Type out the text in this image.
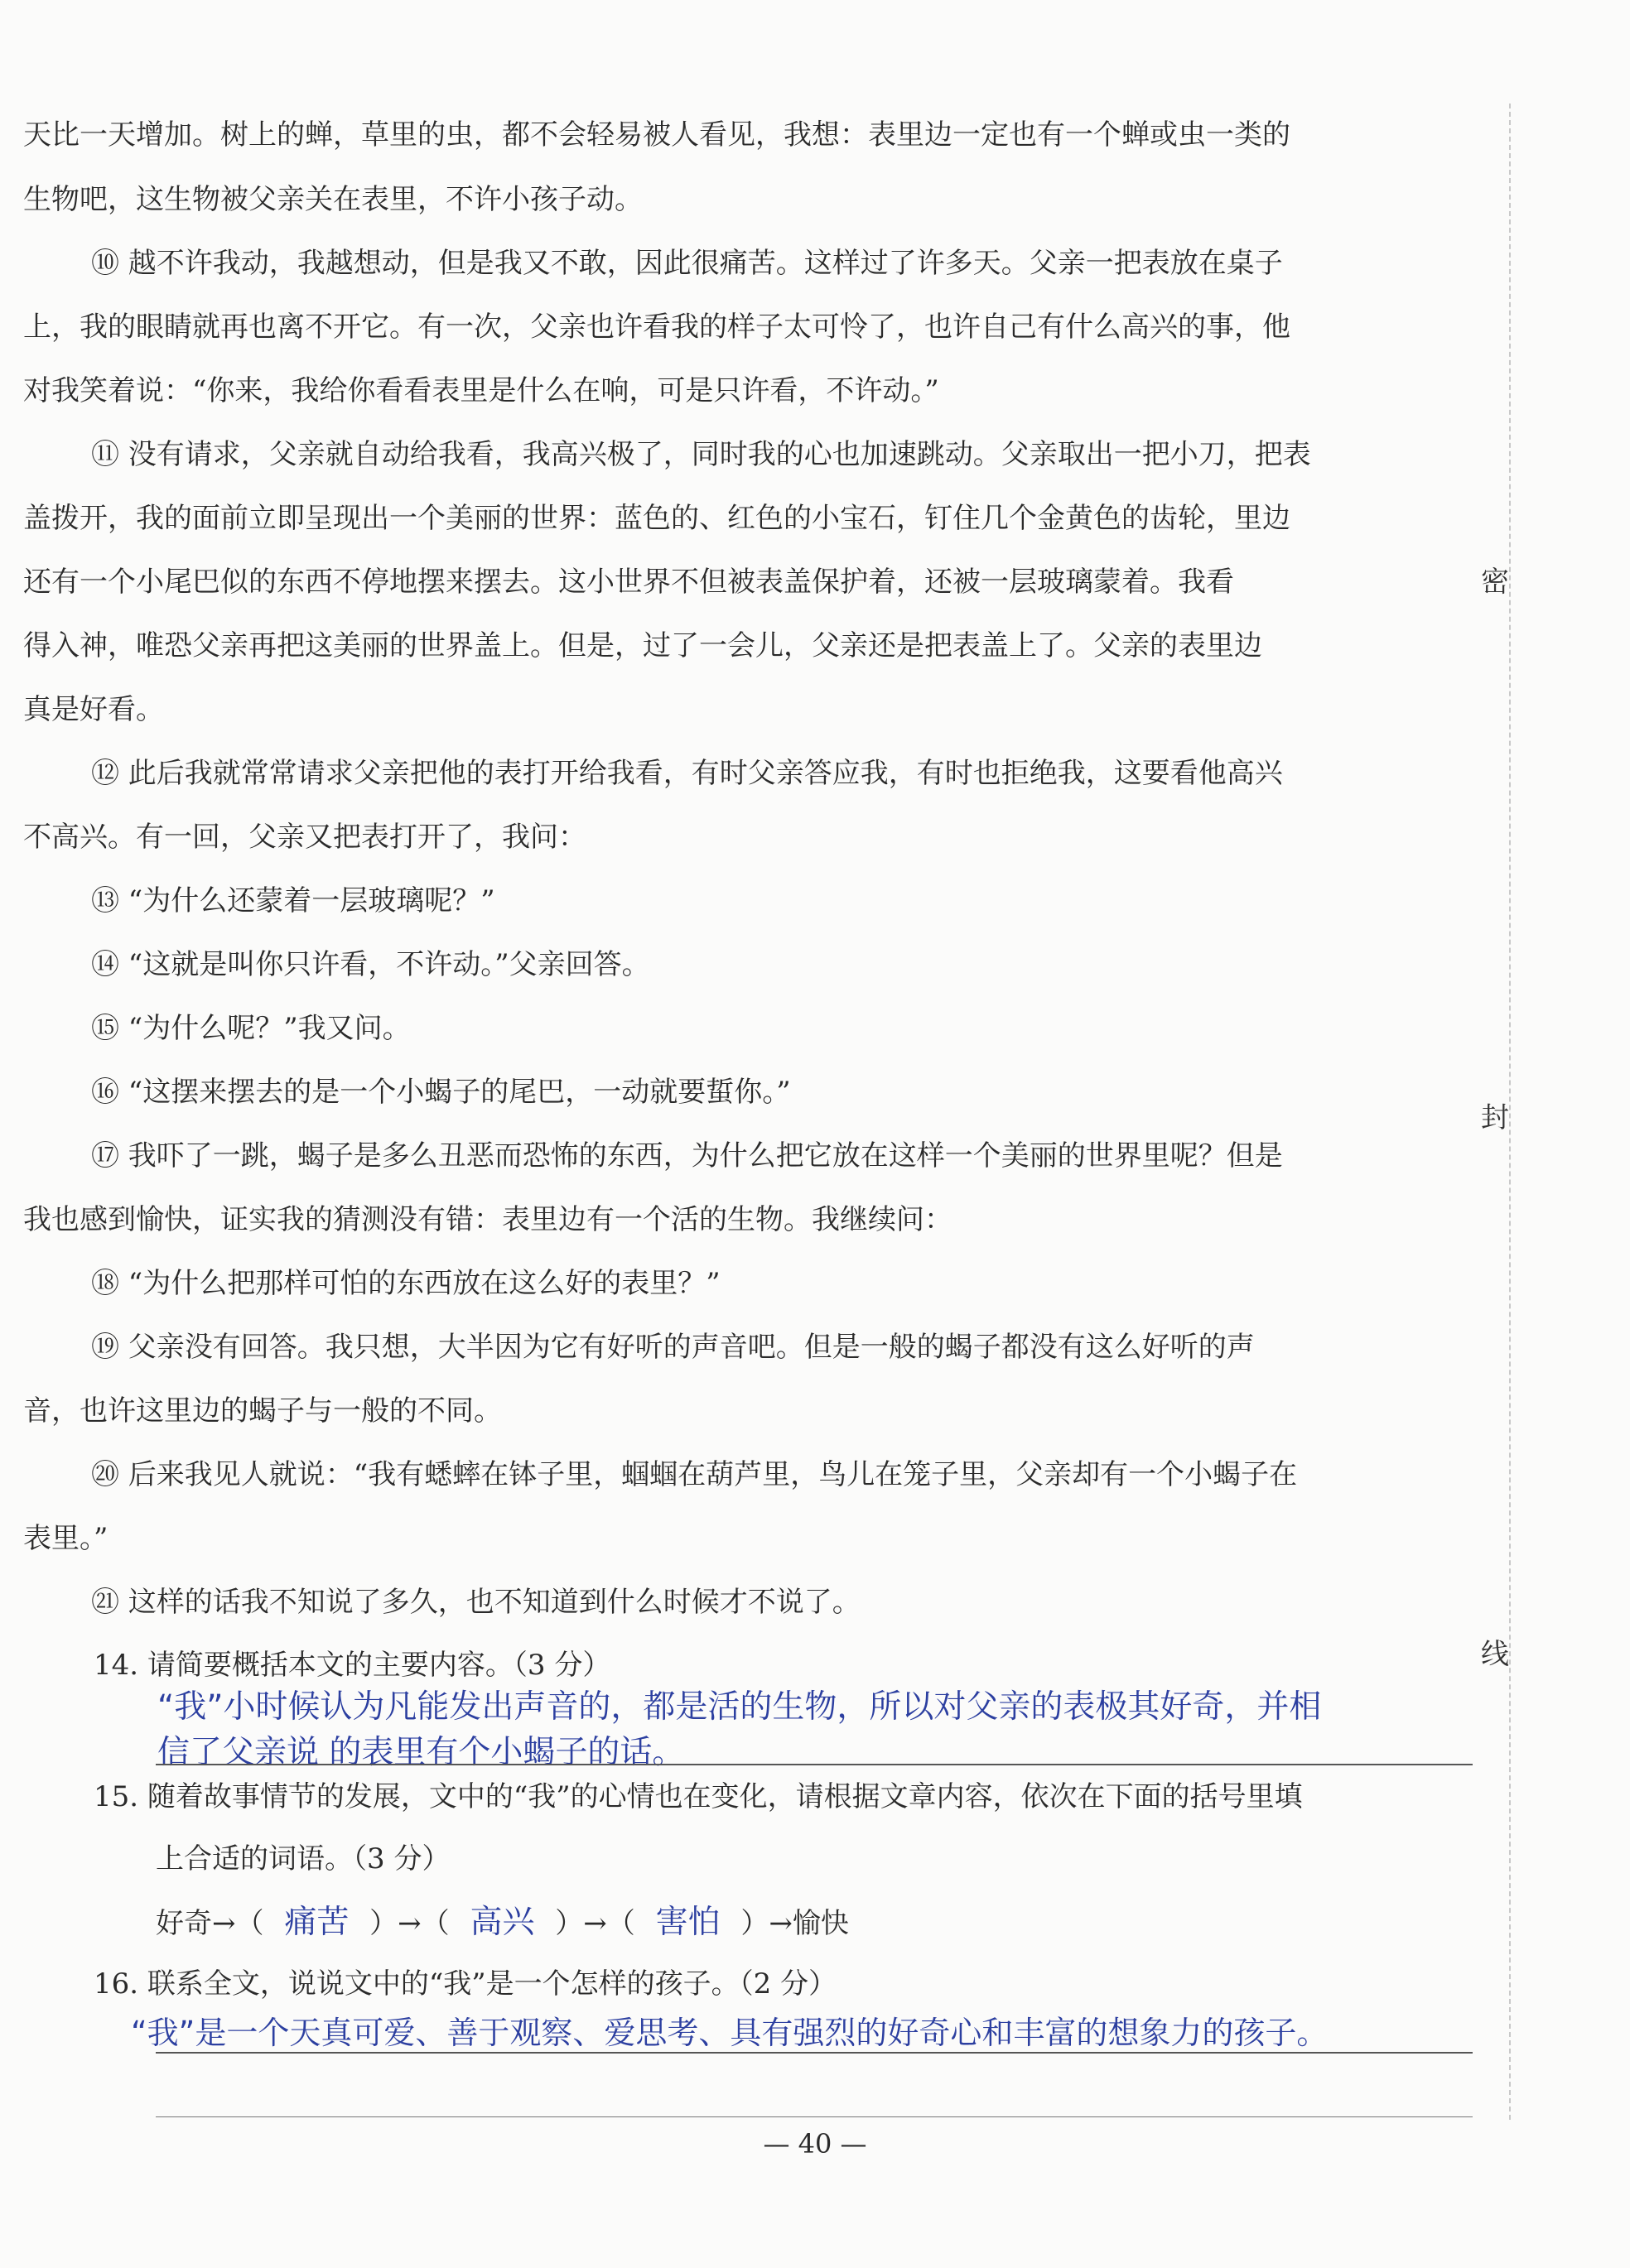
天比一天增加。树上的蝉，草里的虫，都不会轻易被人看见，我想：表里边一定也有一个蝉或虫一类的
生物吧，这生物被父亲关在表里，不许小孩子动。
⑩ 越不许我动，我越想动，但是我又不敢，因此很痛苦。这样过了许多天。父亲一把表放在桌子
上，我的眼睛就再也离不开它。有一次，父亲也许看我的样子太可怜了，也许自己有什么高兴的事，他
对我笑着说：“你来，我给你看看表里是什么在响，可是只许看，不许动。”
⑪ 没有请求，父亲就自动给我看，我高兴极了，同时我的心也加速跳动。父亲取出一把小刀，把表
盖拨开，我的面前立即呈现出一个美丽的世界：蓝色的、红色的小宝石，钉住几个金黄色的齿轮，里边
还有一个小尾巴似的东西不停地摆来摆去。这小世界不但被表盖保护着，还被一层玻璃蒙着。我看
得入神，唯恐父亲再把这美丽的世界盖上。但是，过了一会儿，父亲还是把表盖上了。父亲的表里边
真是好看。
⑫ 此后我就常常请求父亲把他的表打开给我看，有时父亲答应我，有时也拒绝我，这要看他高兴
不高兴。有一回，父亲又把表打开了，我问：
⑬ “为什么还蒙着一层玻璃呢？”
⑭ “这就是叫你只许看，不许动。”父亲回答。
⑮ “为什么呢？”我又问。
⑯ “这摆来摆去的是一个小蝎子的尾巴，一动就要蜇你。”
⑰ 我吓了一跳，蝎子是多么丑恶而恐怖的东西，为什么把它放在这样一个美丽的世界里呢？但是
我也感到愉快，证实我的猜测没有错：表里边有一个活的生物。我继续问：
⑱ “为什么把那样可怕的东西放在这么好的表里？”
⑲ 父亲没有回答。我只想，大半因为它有好听的声音吧。但是一般的蝎子都没有这么好听的声
音，也许这里边的蝎子与一般的不同。
⑳ 后来我见人就说：“我有蟋蟀在钵子里，蝈蝈在葫芦里，鸟儿在笼子里，父亲却有一个小蝎子在
表里。”
㉑ 这样的话我不知说了多久，也不知道到什么时候才不说了。
14. 请简要概括本文的主要内容。（3 分）
“我”小时候认为凡能发出声音的，都是活的生物，所以对父亲的表极其好奇，并相
信了父亲说 的表里有个小蝎子的话。
15. 随着故事情节的发展，文中的“我”的心情也在变化，请根据文章内容，依次在下面的括号里填
上合适的词语。（3 分）
好奇→（ 痛苦 ）→（ 高兴 ）→（ 害怕 ）→愉快
16. 联系全文，说说文中的“我”是一个怎样的孩子。（2 分）
“我”是一个天真可爱、善于观察、爱思考、具有强烈的好奇心和丰富的想象力的孩子。
密
封
线
— 40 —
